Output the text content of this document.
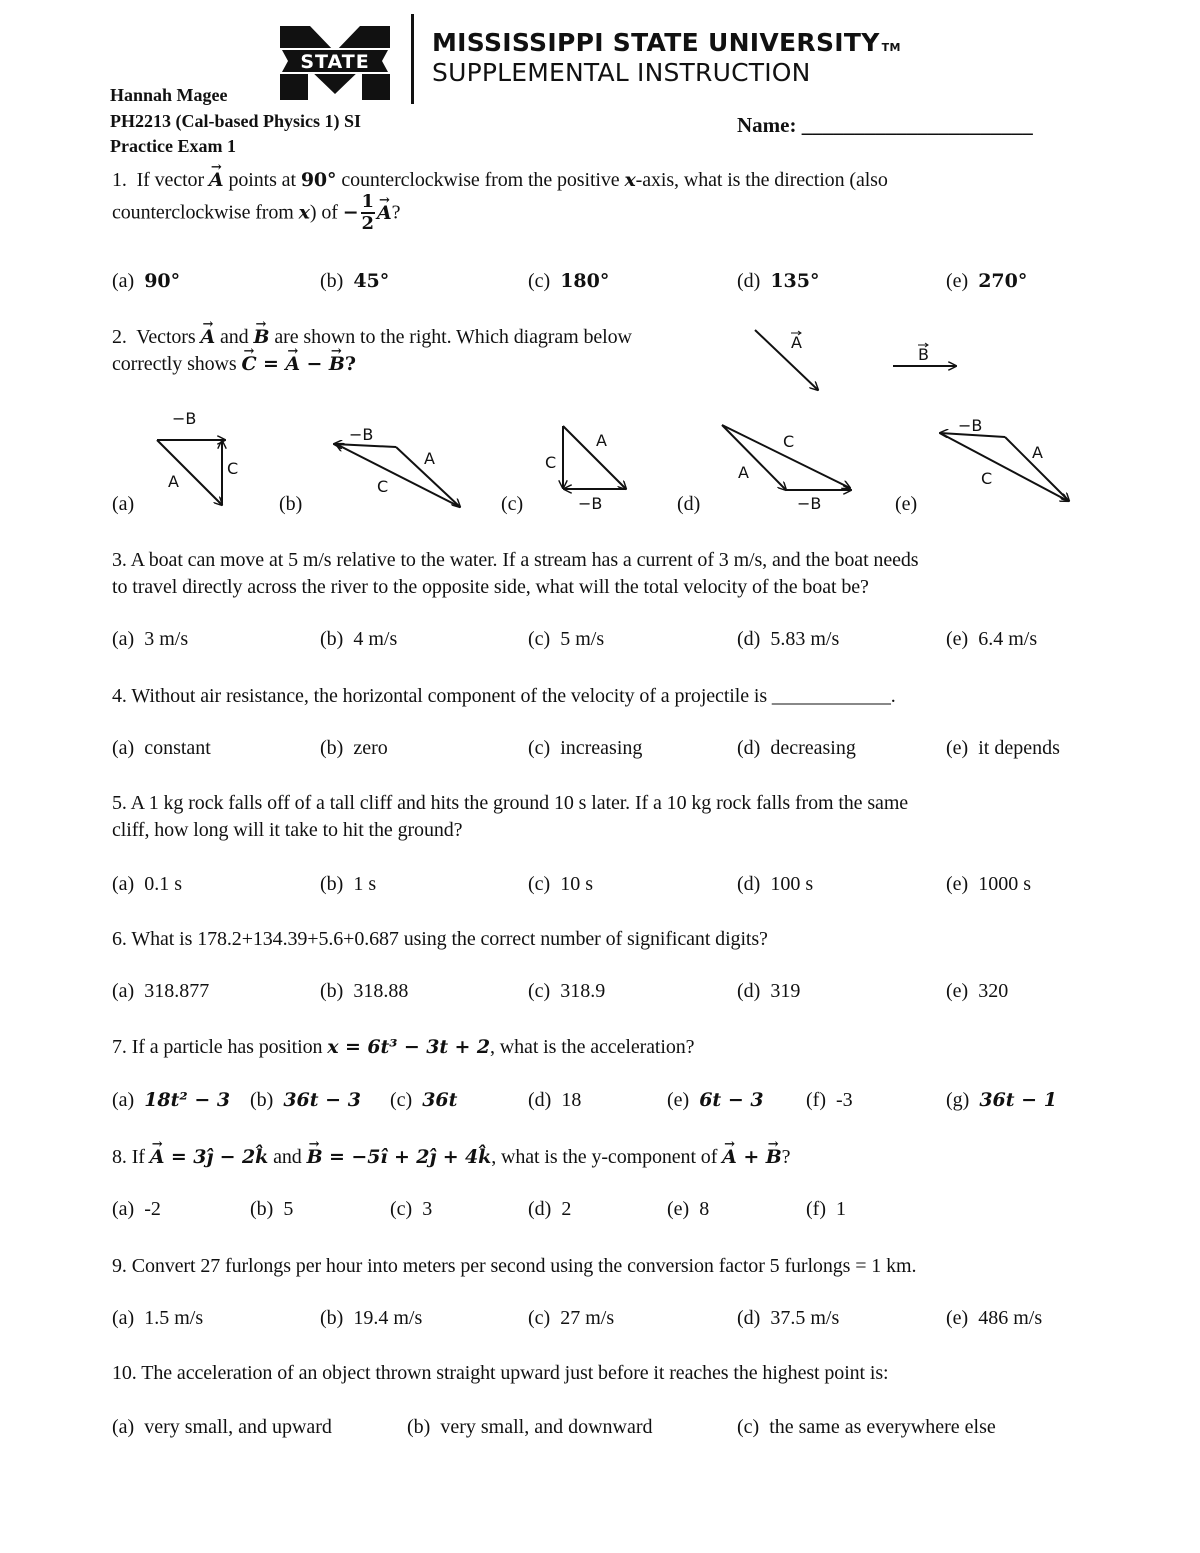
STATE
MISSISSIPPI STATE UNIVERSITY TM
SUPPLEMENTAL INSTRUCTION
Hannah Magee
PH2213 (Cal-based Physics 1) SI
Practice Exam 1
Name: ______________________
1. If vector → A points at 90° counterclockwise from the positive x-axis, what is the direction (also
counterclockwise from x) of − $\frac{1}{2}$
→ A?
(a) 90°	(b) 45°	(c) 180°	(d) 135°	(e) 270°
2. Vectors → A and → B are shown to the right. Which diagram below
correctly shows → C = → A − → B?
A
B
−B
A
C
−B
A
C
C
A
−B
C
A
−B
−B
A
C
(a)	(b)	(c)	(d)	(e)
3. A boat can move at 5 m/s relative to the water. If a stream has a current of 3 m/s, and the boat needs
to travel directly across the river to the opposite side, what will the total velocity of the boat be?
(a) 3 m/s	(b) 4 m/s	(c) 5 m/s	(d) 5.83 m/s	(e) 6.4 m/s
4. Without air resistance, the horizontal component of the velocity of a projectile is ____________.
(a) constant	(b) zero	(c) increasing	(d) decreasing	(e) it depends
5. A 1 kg rock falls off of a tall cliff and hits the ground 10 s later. If a 10 kg rock falls from the same
cliff, how long will it take to hit the ground?
(a) 0.1 s	(b) 1 s	(c) 10 s	(d) 100 s	(e) 1000 s
6. What is 178.2+134.39+5.6+0.687 using the correct number of significant digits?
(a) 318.877	(b) 318.88	(c) 318.9	(d) 319	(e) 320
7. If a particle has position x = 6t³ − 3t + 2, what is the acceleration?
(a) 18t² − 3 (b) 36t − 3 (c) 36t	(d) 18	(e) 6t − 3 (f) -3	(g) 36t − 1
8. If → A = 3ĵ − 2k̂ and → B = −5î + 2ĵ + 4k̂, what is the y-component of → A + → B?
(a) -2	(b) 5	(c) 3	(d) 2	(e) 8	(f) 1
9. Convert 27 furlongs per hour into meters per second using the conversion factor 5 furlongs = 1 km.
(a) 1.5 m/s	(b) 19.4 m/s	(c) 27 m/s	(d) 37.5 m/s	(e) 486 m/s
10. The acceleration of an object thrown straight upward just before it reaches the highest point is:
(a) very small, and upward	(b) very small, and downward	(c) the same as everywhere else
